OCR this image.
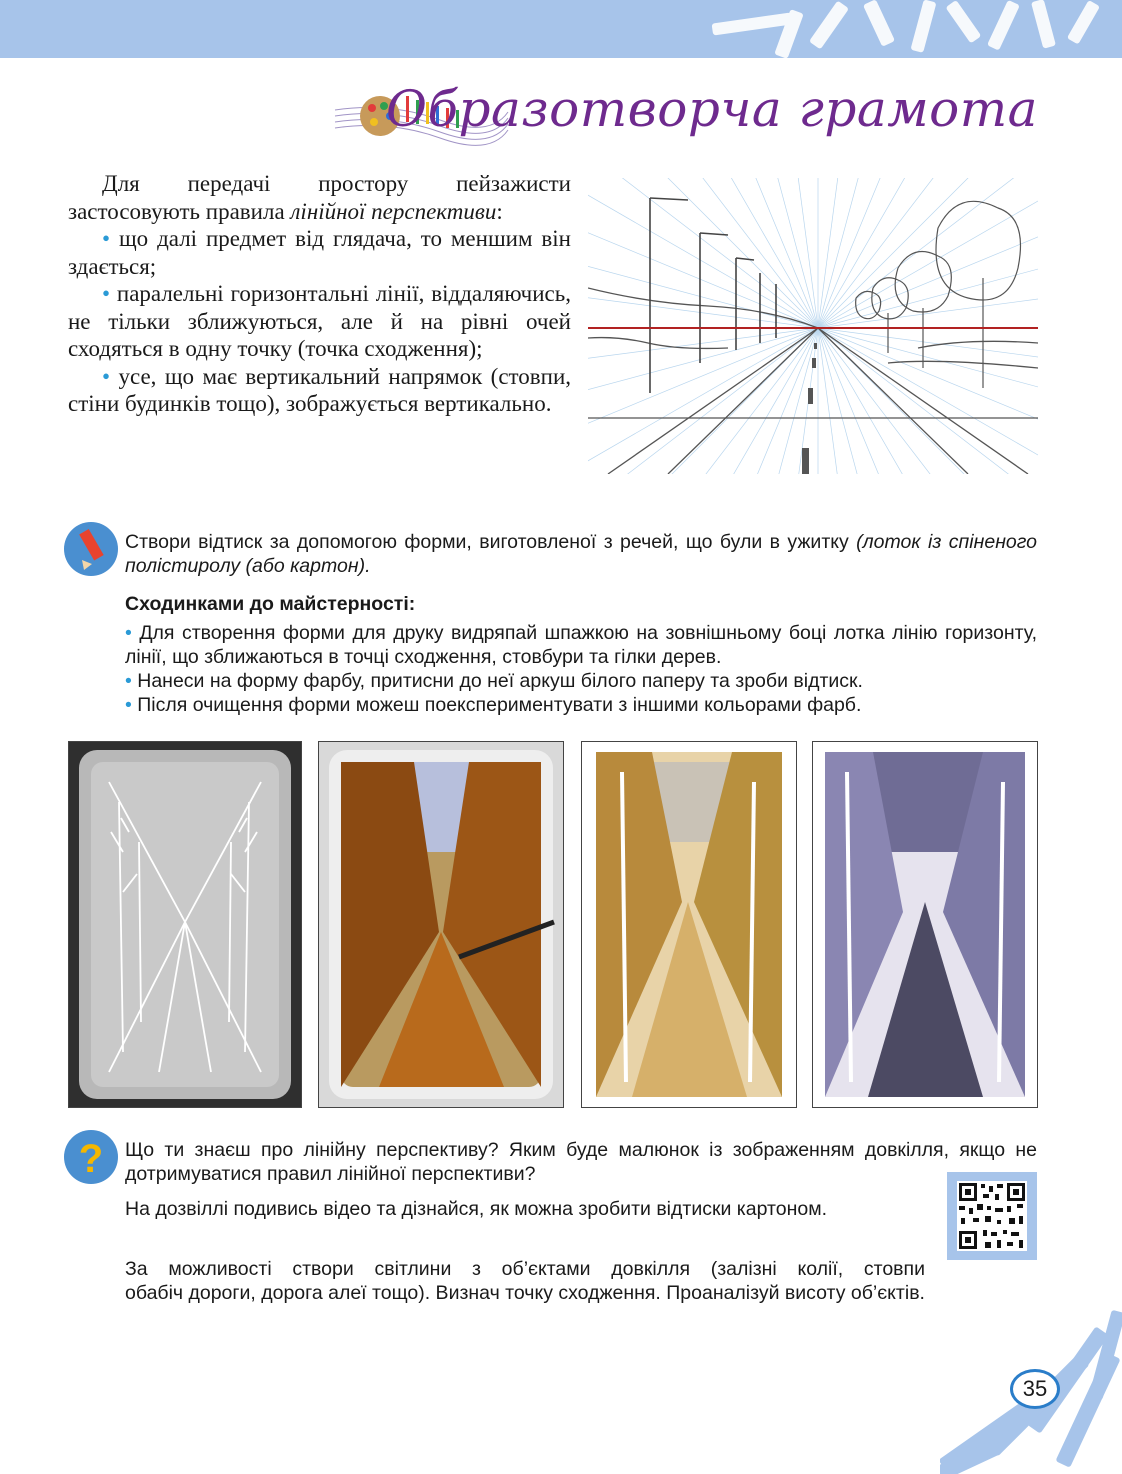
Образотворча грамота

Для передачі простору пейзажисти застосовують правила лінійної перспективи:

• що далі предмет від глядача, то меншим він здається;

• паралельні горизонтальні лінії, віддаляючись, не тільки зближуються, але й на рівні очей сходяться в одну точку (точка сходження);

• усе, що має вертикальний напрямок (стовпи, стіни будинків тощо), зображується вертикально.

Створи відтиск за допомогою форми, виготовленої з речей, що були в ужитку (лоток із спіненого полістиролу (або картон).
Сходинками до майстерності:

• Для створення форми для друку видряпай шпажкою на зовнішньому боці лотка лінію горизонту, лінії, що зближаються в точці сходження, стовбури та гілки дерев.

• Нанеси на форму фарбу, притисни до неї аркуш білого паперу та зроби відтиск.

• Після очищення форми можеш поекспериментувати з іншими кольорами фарб.

? Що ти знаєш про лінійну перспективу? Яким буде малюнок із зображенням довкілля, якщо не дотримуватися правил лінійної перспективи?
На дозвіллі подивись відео та дізнайся, як можна зробити відтиски картоном.
За можливості створи світлини з об’єктами довкілля (залізні колії, стовпи
обабіч дороги, дорога алеї тощо). Визнач точку сходження. Проаналізуй висоту об’єктів.
35
